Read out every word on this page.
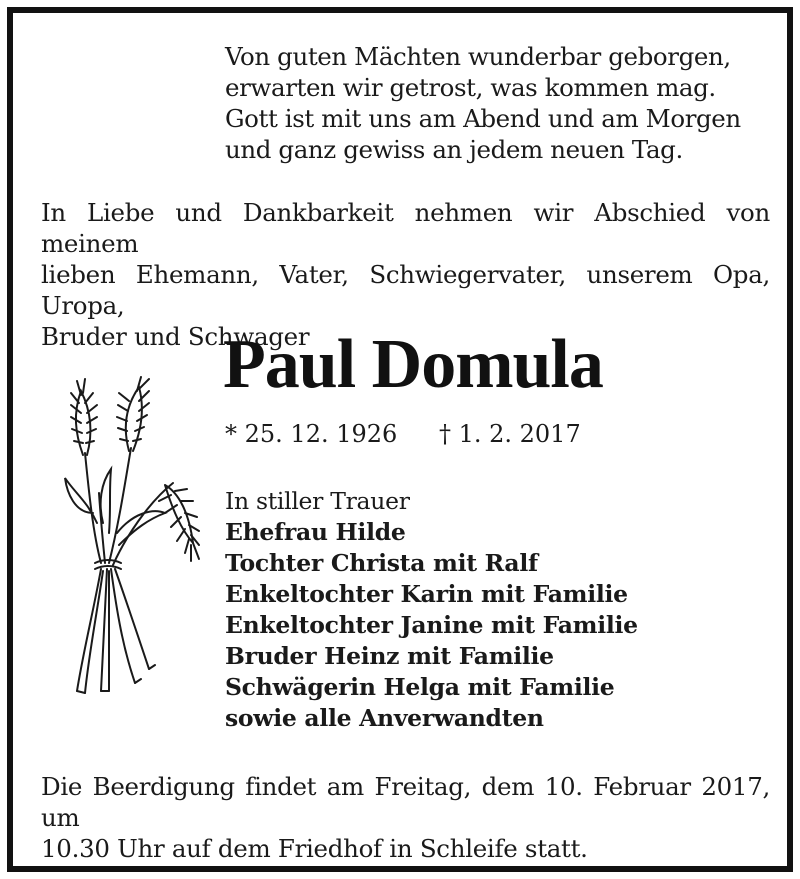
Von guten Mächten wunderbar geborgen,
erwarten wir getrost, was kommen mag.
Gott ist mit uns am Abend und am Morgen
und ganz gewiss an jedem neuen Tag.
In Liebe und Dankbarkeit nehmen wir Abschied von meinem
lieben Ehemann, Vater, Schwiegervater, unserem Opa, Uropa,
Bruder und Schwager
Paul Domula
* 25. 12. 1926 † 1. 2. 2017
In stiller Trauer
Ehefrau Hilde
Tochter Christa mit Ralf
Enkeltochter Karin mit Familie
Enkeltochter Janine mit Familie
Bruder Heinz mit Familie
Schwägerin Helga mit Familie
sowie alle Anverwandten
Die Beerdigung findet am Freitag, dem 10. Februar 2017, um
10.30 Uhr auf dem Friedhof in Schleife statt.
